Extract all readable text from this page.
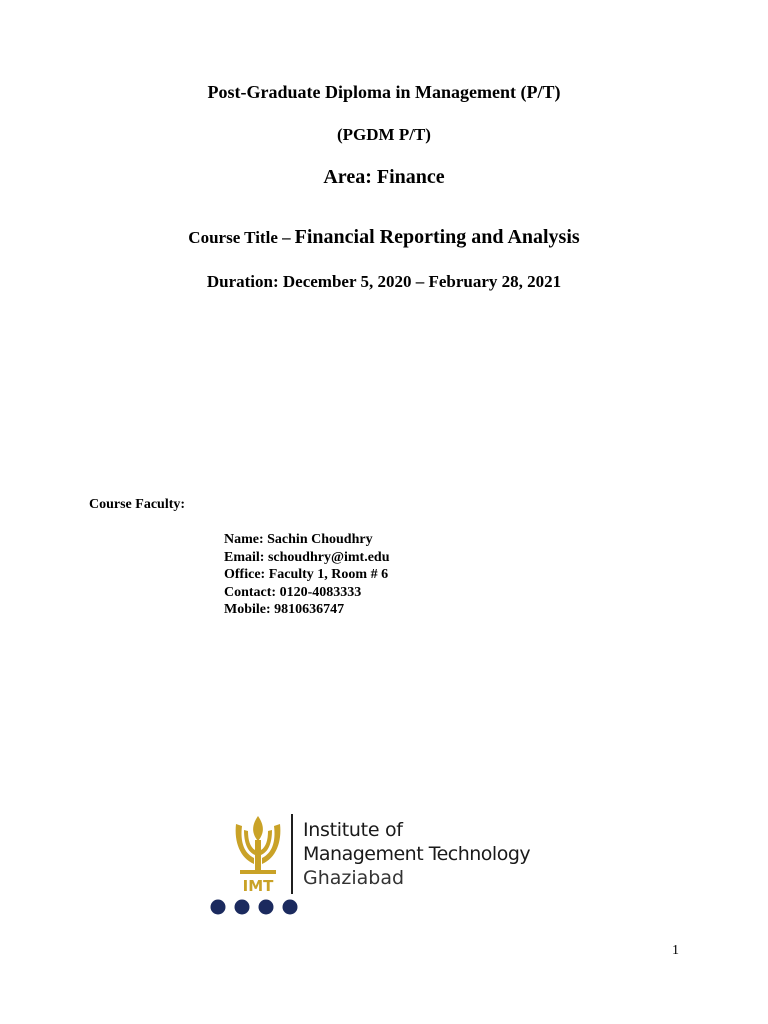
Post-Graduate Diploma in Management (P/T)
(PGDM P/T)
Area: Finance
Course Title – Financial Reporting and Analysis
Duration: December 5, 2020 – February 28, 2021
Course Faculty:
Name: Sachin Choudhry
Email: schoudhry@imt.edu
Office: Faculty 1, Room # 6
Contact: 0120-4083333
Mobile: 9810636747
IMT
Institute of
Management Technology
Ghaziabad
1
